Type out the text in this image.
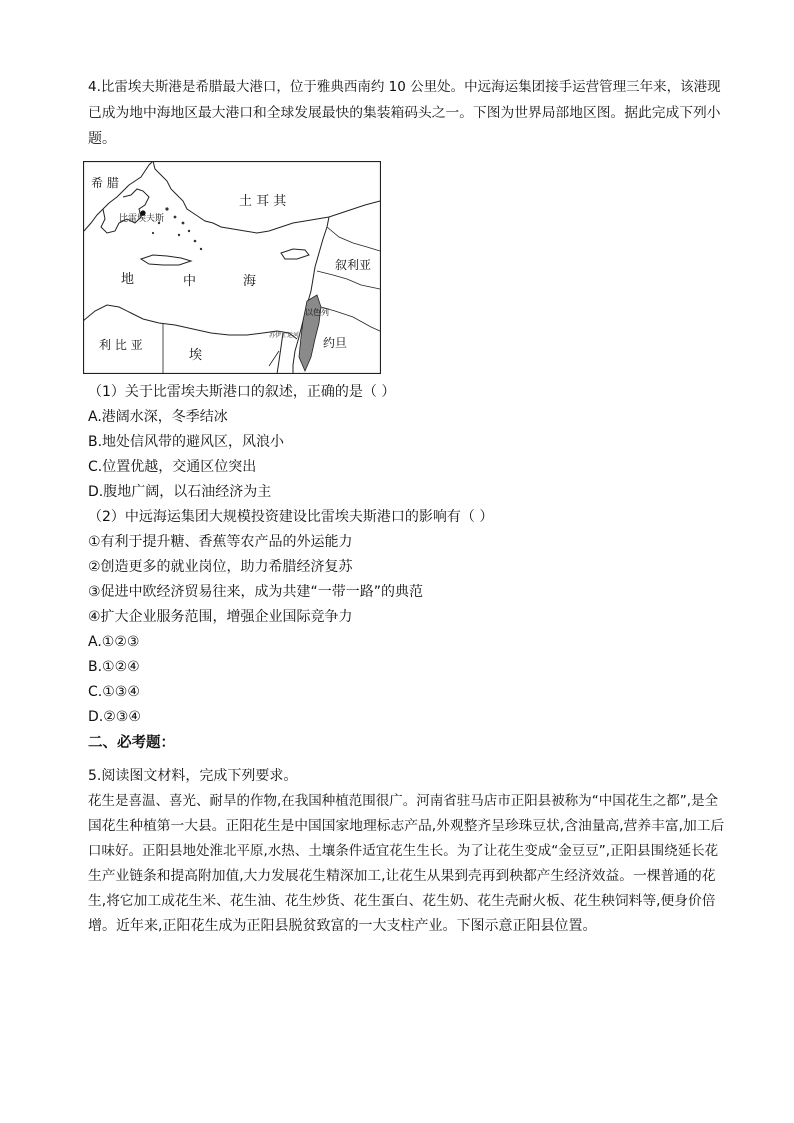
4.比雷埃夫斯港是希腊最大港口，位于雅典西南约 10 公里处。中远海运集团接手运营管理三年来，该港现
已成为地中海地区最大港口和全球发展最快的集装箱码头之一。下图为世界局部地区图。据此完成下列小
题。
希 腊
比雷埃夫斯
土 耳 其
叙利亚
地	中	海
利 比 亚
埃
约旦
以色列
苏伊士运河
（1）关于比雷埃夫斯港口的叙述，正确的是（ ）
A.港阔水深，冬季结冰
B.地处信风带的避风区，风浪小
C.位置优越，交通区位突出
D.腹地广阔，以石油经济为主
（2）中远海运集团大规模投资建设比雷埃夫斯港口的影响有（ ）
①有利于提升糖、香蕉等农产品的外运能力
②创造更多的就业岗位，助力希腊经济复苏
③促进中欧经济贸易往来，成为共建“一带一路”的典范
④扩大企业服务范围，增强企业国际竞争力
A.①②③
B.①②④
C.①③④
D.②③④
二、必考题：
5.阅读图文材料，完成下列要求。
花生是喜温、喜光、耐旱的作物,在我国种植范围很广。河南省驻马店市正阳县被称为“中国花生之都”,是全
国花生种植第一大县。正阳花生是中国国家地理标志产品,外观整齐呈珍珠豆状,含油量高,营养丰富,加工后
口味好。正阳县地处淮北平原,水热、土壤条件适宜花生生长。为了让花生变成“金豆豆”,正阳县围绕延长花
生产业链条和提高附加值,大力发展花生精深加工,让花生从果到壳再到秧都产生经济效益。一棵普通的花
生,将它加工成花生米、花生油、花生炒货、花生蛋白、花生奶、花生壳耐火板、花生秧饲料等,便身价倍
增。近年来,正阳花生成为正阳县脱贫致富的一大支柱产业。下图示意正阳县位置。
